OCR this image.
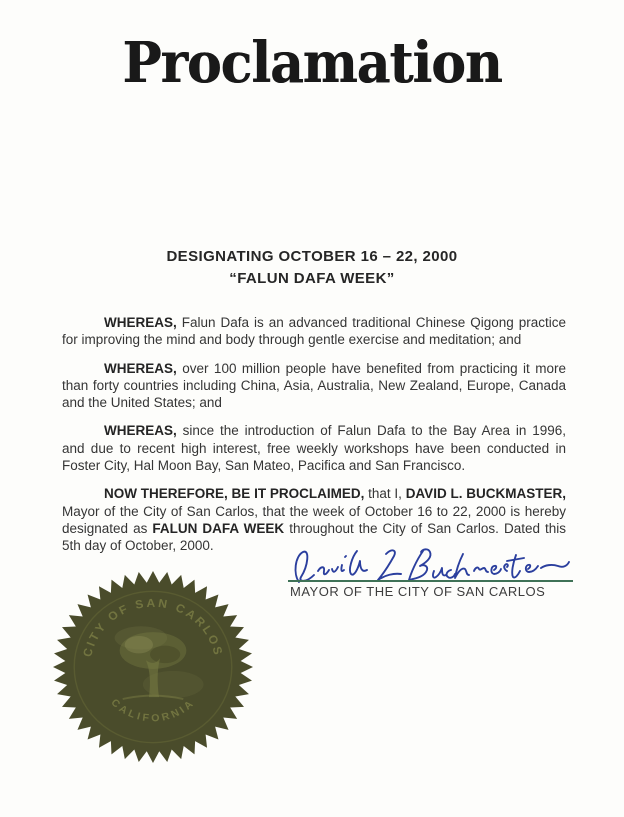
Proclamation
DESIGNATING OCTOBER 16 – 22, 2000
“FALUN DAFA WEEK”

WHEREAS, Falun Dafa is an advanced traditional Chinese Qigong practice for improving the mind and body through gentle exercise and meditation; and

WHEREAS, over 100 million people have benefited from practicing it more than forty countries including China, Asia, Australia, New Zealand, Europe, Canada and the United States; and

WHEREAS, since the introduction of Falun Dafa to the Bay Area in 1996, and due to recent high interest, free weekly workshops have been conducted in Foster City, Hal Moon Bay, San Mateo, Pacifica and San Francisco.

NOW THEREFORE, BE IT PROCLAIMED, that I, DAVID L. BUCKMASTER, Mayor of the City of San Carlos, that the week of October 16 to 22, 2000 is hereby designated as FALUN DAFA WEEK throughout the City of San Carlos. Dated this 5th day of October, 2000.

MAYOR OF THE CITY OF SAN CARLOS
CITY OF SAN CARLOS
CALIFORNIA
